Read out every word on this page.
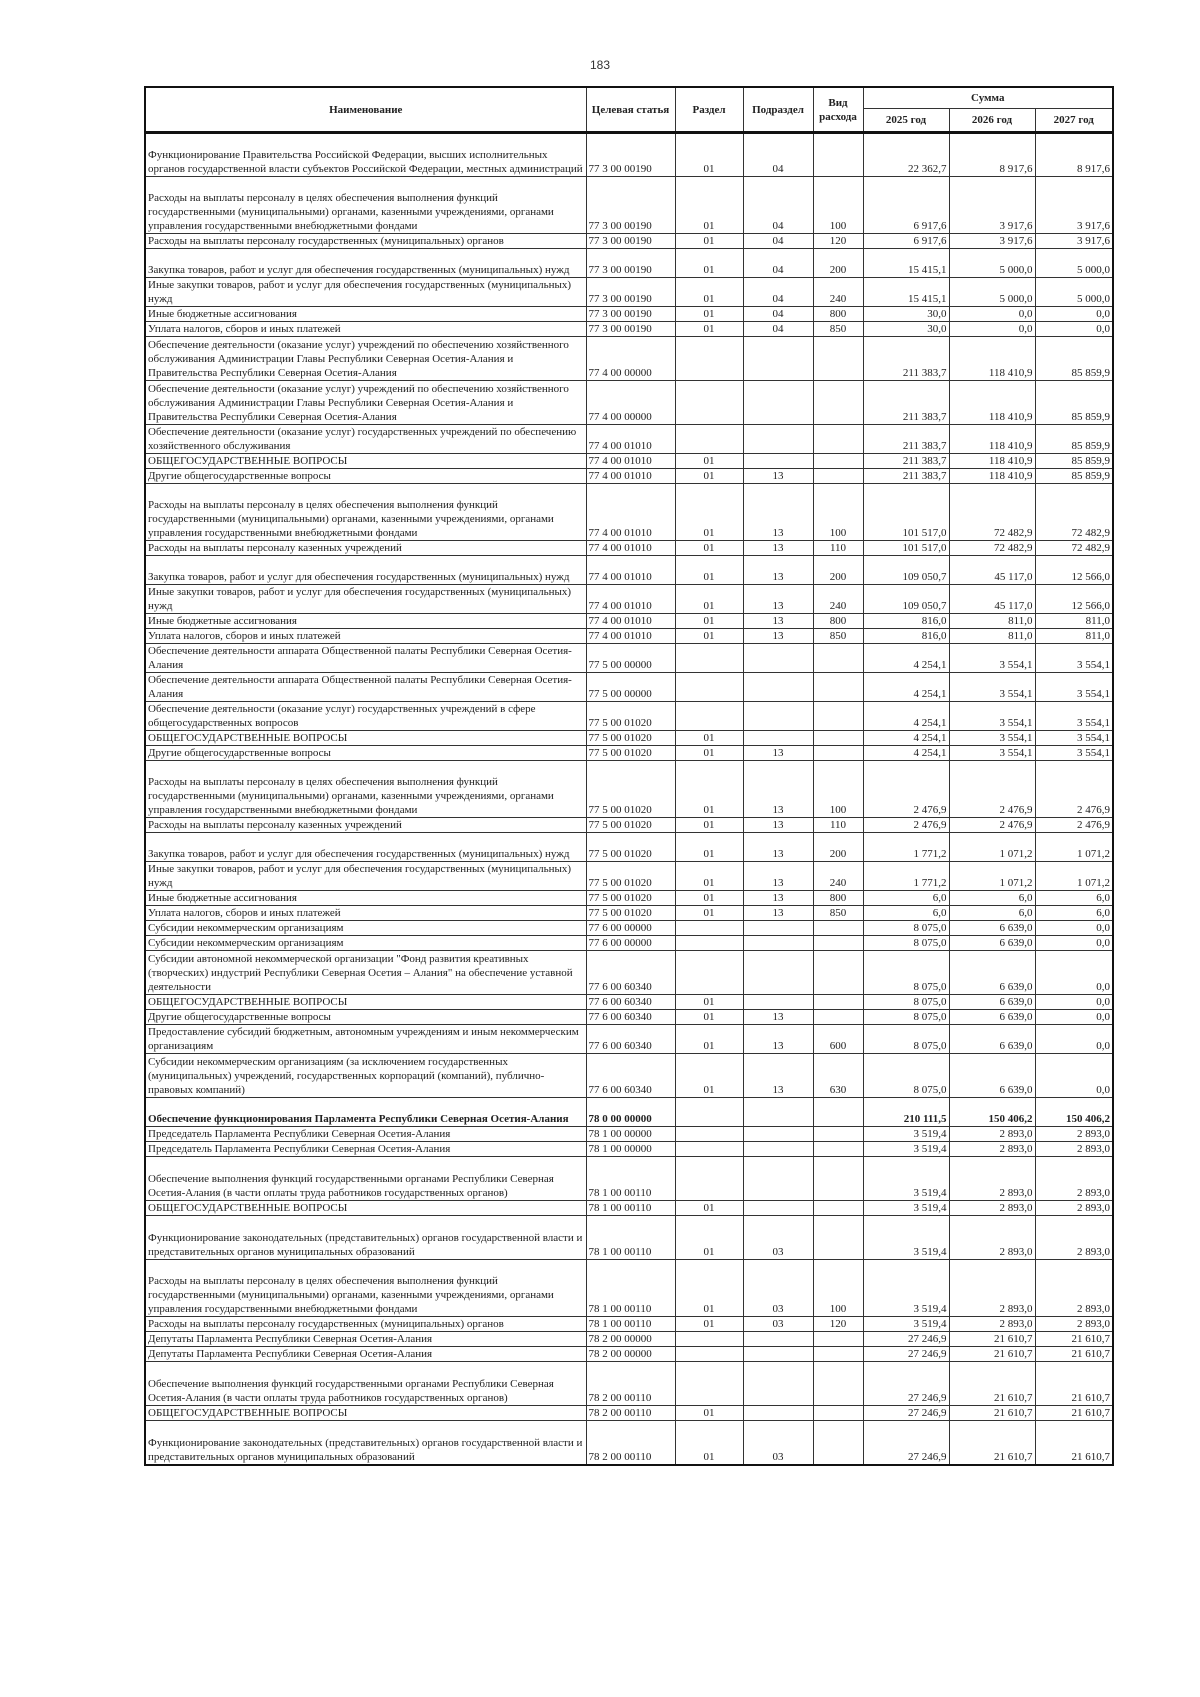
183
Наименование	Целевая статья	Раздел	Подраздел	Вид расхода	Сумма		
					2025 год	2026 год	2027 год
Функционирование Правительства Российской Федерации, высших исполнительных органов государственной власти субъектов Российской Федерации, местных администраций	77 3 00 00190	01	04		22 362,7	8 917,6	8 917,6
Расходы на выплаты персоналу в целях обеспечения выполнения функций государственными (муниципальными) органами, казенными учреждениями, органами управления государственными внебюджетными фондами	77 3 00 00190	01	04	100	6 917,6	3 917,6	3 917,6
Расходы на выплаты персоналу государственных (муниципальных) органов	77 3 00 00190	01	04	120	6 917,6	3 917,6	3 917,6
Закупка товаров, работ и услуг для обеспечения государственных (муниципальных) нужд	77 3 00 00190	01	04	200	15 415,1	5 000,0	5 000,0
Иные закупки товаров, работ и услуг для обеспечения государственных (муниципальных) нужд	77 3 00 00190	01	04	240	15 415,1	5 000,0	5 000,0
Иные бюджетные ассигнования	77 3 00 00190	01	04	800	30,0	0,0	0,0
Уплата налогов, сборов и иных платежей	77 3 00 00190	01	04	850	30,0	0,0	0,0
Обеспечение деятельности (оказание услуг) учреждений по обеспечению хозяйственного обслуживания Администрации Главы Республики Северная Осетия-Алания и Правительства Республики Северная Осетия-Алания	77 4 00 00000				211 383,7	118 410,9	85 859,9
Обеспечение деятельности (оказание услуг) учреждений по обеспечению хозяйственного обслуживания Администрации Главы Республики Северная Осетия-Алания и Правительства Республики Северная Осетия-Алания	77 4 00 00000				211 383,7	118 410,9	85 859,9
Обеспечение деятельности (оказание услуг) государственных учреждений по обеспечению хозяйственного обслуживания	77 4 00 01010				211 383,7	118 410,9	85 859,9
ОБЩЕГОСУДАРСТВЕННЫЕ ВОПРОСЫ	77 4 00 01010	01			211 383,7	118 410,9	85 859,9
Другие общегосударственные вопросы	77 4 00 01010	01	13		211 383,7	118 410,9	85 859,9
Расходы на выплаты персоналу в целях обеспечения выполнения функций государственными (муниципальными) органами, казенными учреждениями, органами управления государственными внебюджетными фондами	77 4 00 01010	01	13	100	101 517,0	72 482,9	72 482,9
Расходы на выплаты персоналу казенных учреждений	77 4 00 01010	01	13	110	101 517,0	72 482,9	72 482,9
Закупка товаров, работ и услуг для обеспечения государственных (муниципальных) нужд	77 4 00 01010	01	13	200	109 050,7	45 117,0	12 566,0
Иные закупки товаров, работ и услуг для обеспечения государственных (муниципальных) нужд	77 4 00 01010	01	13	240	109 050,7	45 117,0	12 566,0
Иные бюджетные ассигнования	77 4 00 01010	01	13	800	816,0	811,0	811,0
Уплата налогов, сборов и иных платежей	77 4 00 01010	01	13	850	816,0	811,0	811,0
Обеспечение деятельности аппарата Общественной палаты Республики Северная Осетия-Алания	77 5 00 00000				4 254,1	3 554,1	3 554,1
Обеспечение деятельности аппарата Общественной палаты Республики Северная Осетия-Алания	77 5 00 00000				4 254,1	3 554,1	3 554,1
Обеспечение деятельности (оказание услуг) государственных учреждений в сфере общегосударственных вопросов	77 5 00 01020				4 254,1	3 554,1	3 554,1
ОБЩЕГОСУДАРСТВЕННЫЕ ВОПРОСЫ	77 5 00 01020	01			4 254,1	3 554,1	3 554,1
Другие общегосударственные вопросы	77 5 00 01020	01	13		4 254,1	3 554,1	3 554,1
Расходы на выплаты персоналу в целях обеспечения выполнения функций государственными (муниципальными) органами, казенными учреждениями, органами управления государственными внебюджетными фондами	77 5 00 01020	01	13	100	2 476,9	2 476,9	2 476,9
Расходы на выплаты персоналу казенных учреждений	77 5 00 01020	01	13	110	2 476,9	2 476,9	2 476,9
Закупка товаров, работ и услуг для обеспечения государственных (муниципальных) нужд	77 5 00 01020	01	13	200	1 771,2	1 071,2	1 071,2
Иные закупки товаров, работ и услуг для обеспечения государственных (муниципальных) нужд	77 5 00 01020	01	13	240	1 771,2	1 071,2	1 071,2
Иные бюджетные ассигнования	77 5 00 01020	01	13	800	6,0	6,0	6,0
Уплата налогов, сборов и иных платежей	77 5 00 01020	01	13	850	6,0	6,0	6,0
Субсидии некоммерческим организациям	77 6 00 00000				8 075,0	6 639,0	0,0
Субсидии некоммерческим организациям	77 6 00 00000				8 075,0	6 639,0	0,0
Субсидии автономной некоммерческой организации "Фонд развития креативных (творческих) индустрий Республики Северная Осетия – Алания" на обеспечение уставной деятельности	77 6 00 60340				8 075,0	6 639,0	0,0
ОБЩЕГОСУДАРСТВЕННЫЕ ВОПРОСЫ	77 6 00 60340	01			8 075,0	6 639,0	0,0
Другие общегосударственные вопросы	77 6 00 60340	01	13		8 075,0	6 639,0	0,0
Предоставление субсидий бюджетным, автономным учреждениям и иным некоммерческим организациям	77 6 00 60340	01	13	600	8 075,0	6 639,0	0,0
Субсидии некоммерческим организациям (за исключением государственных (муниципальных) учреждений, государственных корпораций (компаний), публично-правовых компаний)	77 6 00 60340	01	13	630	8 075,0	6 639,0	0,0
Обеспечение функционирования Парламента Республики Северная Осетия-Алания	78 0 00 00000				210 111,5	150 406,2	150 406,2
Председатель Парламента Республики Северная Осетия-Алания	78 1 00 00000				3 519,4	2 893,0	2 893,0
Председатель Парламента Республики Северная Осетия-Алания	78 1 00 00000				3 519,4	2 893,0	2 893,0
Обеспечение выполнения функций государственными органами Республики Северная Осетия-Алания (в части оплаты труда работников государственных органов)	78 1 00 00110				3 519,4	2 893,0	2 893,0
ОБЩЕГОСУДАРСТВЕННЫЕ ВОПРОСЫ	78 1 00 00110	01			3 519,4	2 893,0	2 893,0
Функционирование законодательных (представительных) органов государственной власти и представительных органов муниципальных образований	78 1 00 00110	01	03		3 519,4	2 893,0	2 893,0
Расходы на выплаты персоналу в целях обеспечения выполнения функций государственными (муниципальными) органами, казенными учреждениями, органами управления государственными внебюджетными фондами	78 1 00 00110	01	03	100	3 519,4	2 893,0	2 893,0
Расходы на выплаты персоналу государственных (муниципальных) органов	78 1 00 00110	01	03	120	3 519,4	2 893,0	2 893,0
Депутаты Парламента Республики Северная Осетия-Алания	78 2 00 00000				27 246,9	21 610,7	21 610,7
Депутаты Парламента Республики Северная Осетия-Алания	78 2 00 00000				27 246,9	21 610,7	21 610,7
Обеспечение выполнения функций государственными органами Республики Северная Осетия-Алания (в части оплаты труда работников государственных органов)	78 2 00 00110				27 246,9	21 610,7	21 610,7
ОБЩЕГОСУДАРСТВЕННЫЕ ВОПРОСЫ	78 2 00 00110	01			27 246,9	21 610,7	21 610,7
Функционирование законодательных (представительных) органов государственной власти и представительных органов муниципальных образований	78 2 00 00110	01	03		27 246,9	21 610,7	21 610,7
